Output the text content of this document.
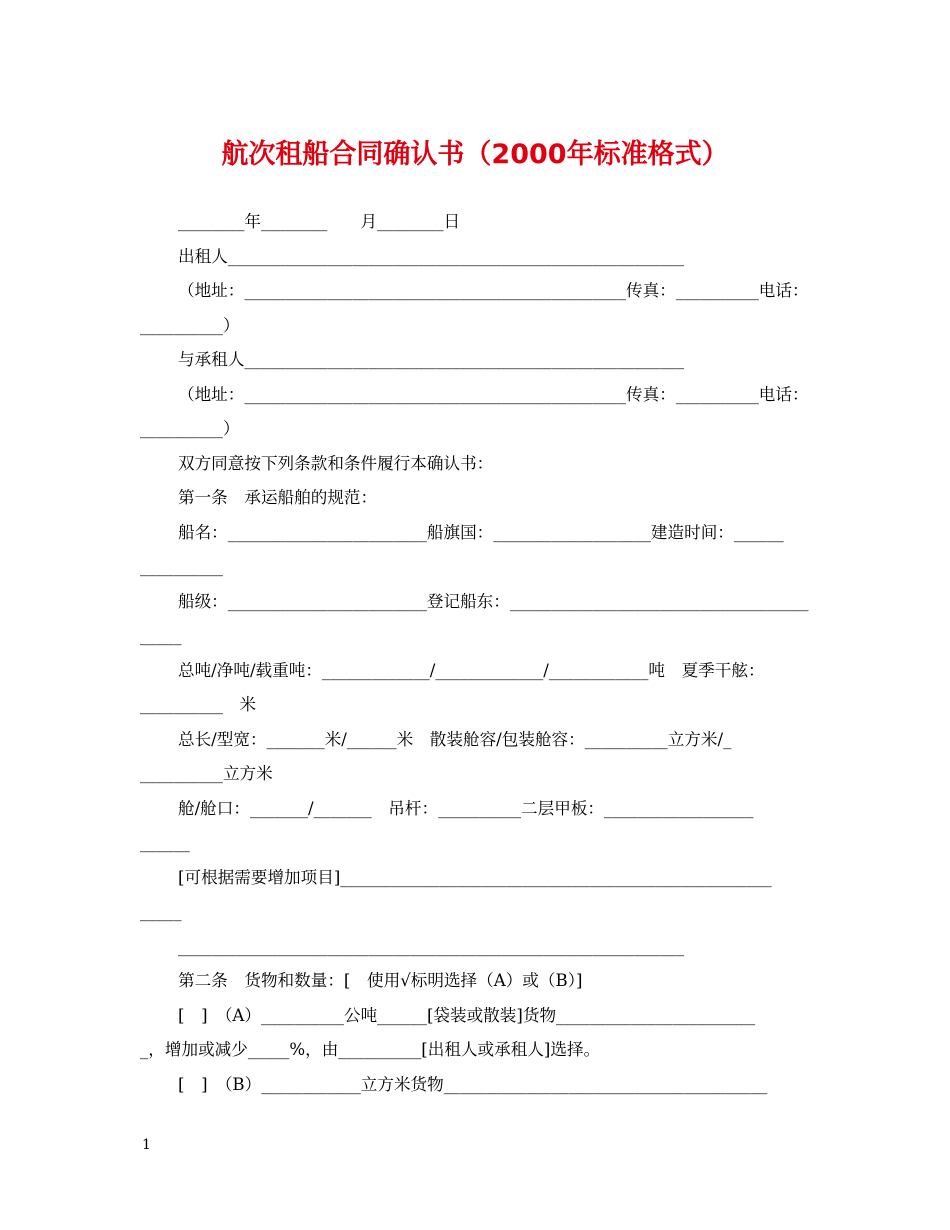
航次租船合同确认书（2000年标准格式）
________年________　　月________日
出租人_______________________________________________________
（地址：______________________________________________传真：__________电话：
__________）
与承租人_____________________________________________________
（地址：______________________________________________传真：__________电话：
__________）
双方同意按下列条款和条件履行本确认书：
第一条　承运船舶的规范：
船名：________________________船旗国：___________________建造时间：______
__________
船级：________________________登记船东：____________________________________
_____
总吨/净吨/载重吨：_____________/_____________/____________吨　夏季干舷：
__________　米
总长/型宽：_______米/______米　散装舱容/包装舱容：__________立方米/_
__________立方米
舱/舱口：_______/_______　吊杆：__________二层甲板：__________________
______
[可根据需要增加项目]____________________________________________________
_____
_____________________________________________________________
第二条　货物和数量：[　使用√标明选择（A）或（B）]
[　]　（A）__________公吨______[袋装或散装]货物________________________
_，增加或减少_____%，由__________[出租人或承租人]选择。
[　]　（B）____________立方米货物_______________________________________
1
